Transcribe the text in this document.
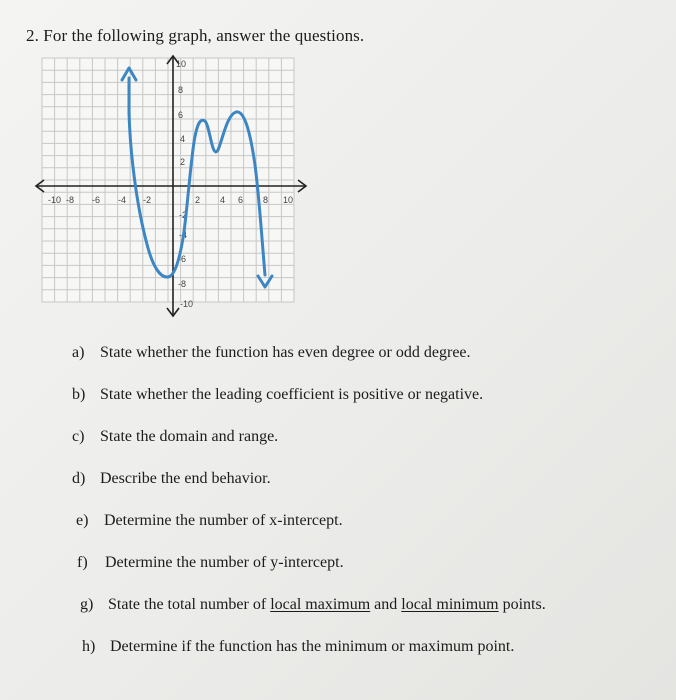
2. For the following graph, answer the questions.
-10 -8 -6 -4 -2	2 4 6 8 10
10
8
6
4
2
-2
-4
-6
-8
-10
a) State whether the function has even degree or odd degree.
b) State whether the leading coefficient is positive or negative.
c) State the domain and range.
d) Describe the end behavior.
e) Determine the number of x-intercept.
f) Determine the number of y-intercept.
g) State the total number of local maximum and local minimum points.
h) Determine if the function has the minimum or maximum point.
